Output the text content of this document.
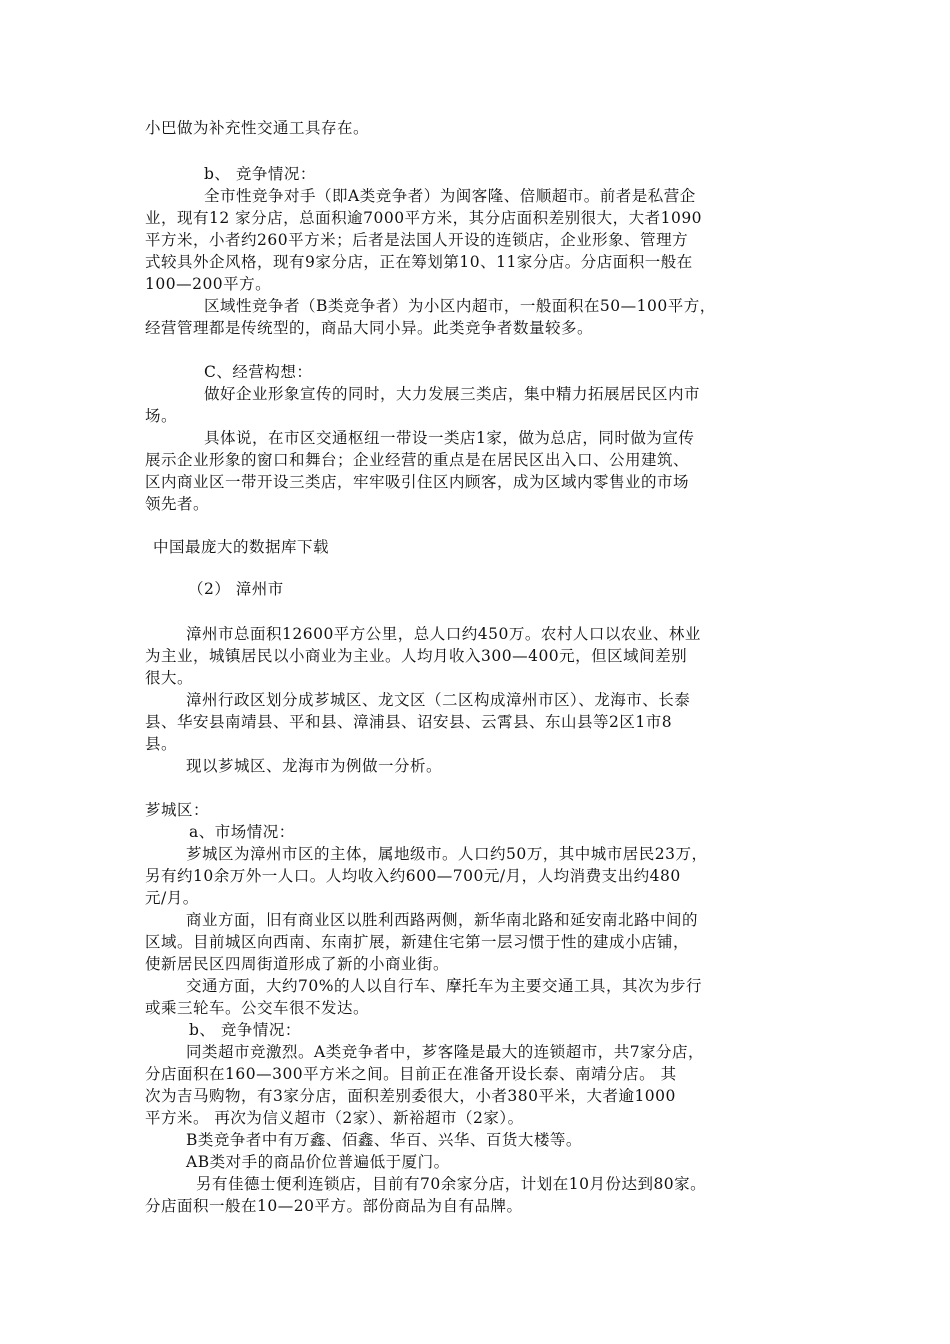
小巴做为补充性交通工具存在。
b、 竞争情况：
全市性竞争对手（即A类竞争者）为闽客隆、倍顺超市。前者是私营企
业，现有12 家分店，总面积逾7000平方米，其分店面积差别很大，大者1090
平方米，小者约260平方米；后者是法国人开设的连锁店，企业形象、管理方
式较具外企风格，现有9家分店，正在筹划第10、11家分店。分店面积一般在
100—200平方。
区域性竞争者（B类竞争者）为小区内超市，一般面积在50—100平方，
经营管理都是传统型的，商品大同小异。此类竞争者数量较多。
C、经营构想：
做好企业形象宣传的同时，大力发展三类店，集中精力拓展居民区内市
场。
具体说，在市区交通枢纽一带设一类店1家，做为总店，同时做为宣传
展示企业形象的窗口和舞台；企业经营的重点是在居民区出入口、公用建筑、
区内商业区一带开设三类店，牢牢吸引住区内顾客，成为区域内零售业的市场
领先者。
中国最庞大的数据库下载
（2） 漳州市
漳州市总面积12600平方公里，总人口约450万。农村人口以农业、林业
为主业，城镇居民以小商业为主业。人均月收入300—400元，但区域间差别
很大。
漳州行政区划分成芗城区、龙文区（二区构成漳州市区）、龙海市、长泰
县、华安县南靖县、平和县、漳浦县、诏安县、云霄县、东山县等2区1市8
县。
现以芗城区、龙海市为例做一分析。
芗城区：
a、市场情况：
芗城区为漳州市区的主体，属地级市。人口约50万，其中城市居民23万，
另有约10余万外一人口。人均收入约600—700元/月，人均消费支出约480
元/月。
商业方面，旧有商业区以胜利西路两侧，新华南北路和延安南北路中间的
区域。目前城区向西南、东南扩展，新建住宅第一层习惯于性的建成小店铺，
使新居民区四周街道形成了新的小商业街。
交通方面，大约70%的人以自行车、摩托车为主要交通工具，其次为步行
或乘三轮车。公交车很不发达。
b、 竞争情况：
同类超市竞激烈。A类竞争者中，芗客隆是最大的连锁超市，共7家分店，
分店面积在160—300平方米之间。目前正在准备开设长泰、南靖分店。 其
次为吉马购物，有3家分店，面积差别委很大，小者380平米，大者逾1000
平方米。 再次为信义超市（2家）、新裕超市（2家）。
B类竞争者中有万鑫、佰鑫、华百、兴华、百货大楼等。
AB类对手的商品价位普遍低于厦门。
另有佳德士便利连锁店，目前有70余家分店，计划在10月份达到80家。
分店面积一般在10—20平方。部份商品为自有品牌。
